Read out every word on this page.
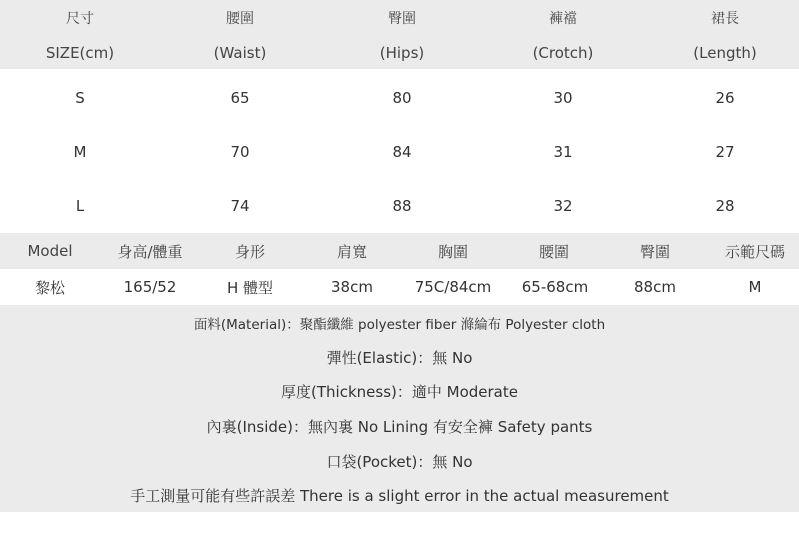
尺寸	腰圍	臀圍	褲襠	裙長
SIZE(cm)	(Waist)	(Hips)	(Crotch)	(Length)
S	65	80	30	26
M	70	84	31	27
L	74	88	32	28
Model	身高/體重	身形	肩寬	胸圍	腰圍	臀圍	示範尺碼
黎松	165/52	H 體型	38cm	75C/84cm	65-68cm	88cm	M
面料(Material)：聚酯纖維 polyester fiber 滌綸布 Polyester cloth
彈性(Elastic)：無 No
厚度(Thickness)：適中 Moderate
內裏(Inside)：無內裏 No Lining 有安全褲 Safety pants
口袋(Pocket)：無 No
手工測量可能有些許誤差 There is a slight error in the actual measurement
